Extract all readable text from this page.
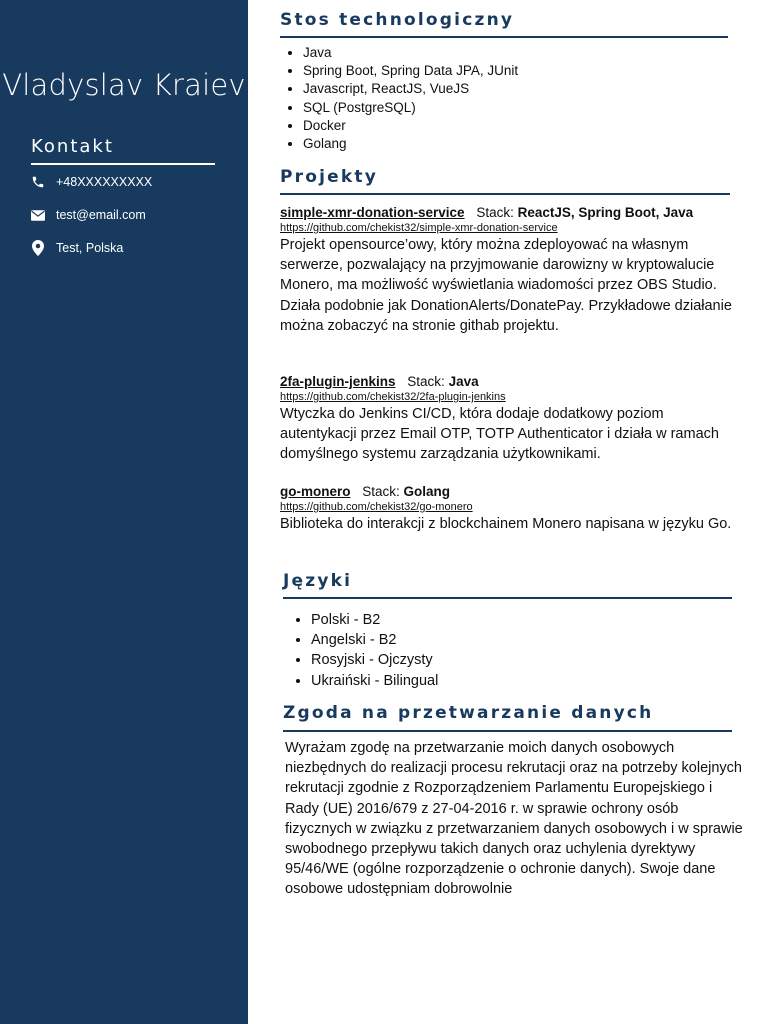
Vladyslav Kraiev
Kontakt
+48XXXXXXXXX
test@email.com
Test, Polska
Stos technologiczny
• Java
• Spring Boot, Spring Data JPA, JUnit
• Javascript, ReactJS, VueJS
• SQL (PostgreSQL)
• Docker
• Golang
Projekty
simple-xmr-donation-service Stack: ReactJS, Spring Boot, Java
https://github.com/chekist32/simple-xmr-donation-service

Projekt opensource’owy, który można zdeployować na własnym serwerze, pozwalający na przyjmowanie darowizny w kryptowalucie Monero, ma możliwość wyświetlania wiadomości przez OBS Studio. Działa podobnie jak DonationAlerts/DonatePay. Przykładowe działanie można zobaczyć na stronie githab projektu.

2fa-plugin-jenkins Stack: Java
https://github.com/chekist32/2fa-plugin-jenkins

Wtyczka do Jenkins CI/CD, która dodaje dodatkowy poziom autentykacji przez Email OTP, TOTP Authenticator i działa w ramach domyślnego systemu zarządzania użytkownikami.

go-monero Stack: Golang
https://github.com/chekist32/go-monero

Biblioteka do interakcji z blockchainem Monero napisana w języku Go.

Języki
• Polski - B2
• Angelski - B2
• Rosyjski - Ojczysty
• Ukraiński - Bilingual
Zgoda na przetwarzanie danych

Wyrażam zgodę na przetwarzanie moich danych osobowych niezbędnych do realizacji procesu rekrutacji oraz na potrzeby kolejnych rekrutacji zgodnie z Rozporządzeniem Parlamentu Europejskiego i Rady (UE) 2016/679 z 27-04-2016 r. w sprawie ochrony osób fizycznych w związku z przetwarzaniem danych osobowych i w sprawie swobodnego przepływu takich danych oraz uchylenia dyrektywy 95/46/WE (ogólne rozporządzenie o ochronie danych). Swoje dane osobowe udostępniam dobrowolnie
